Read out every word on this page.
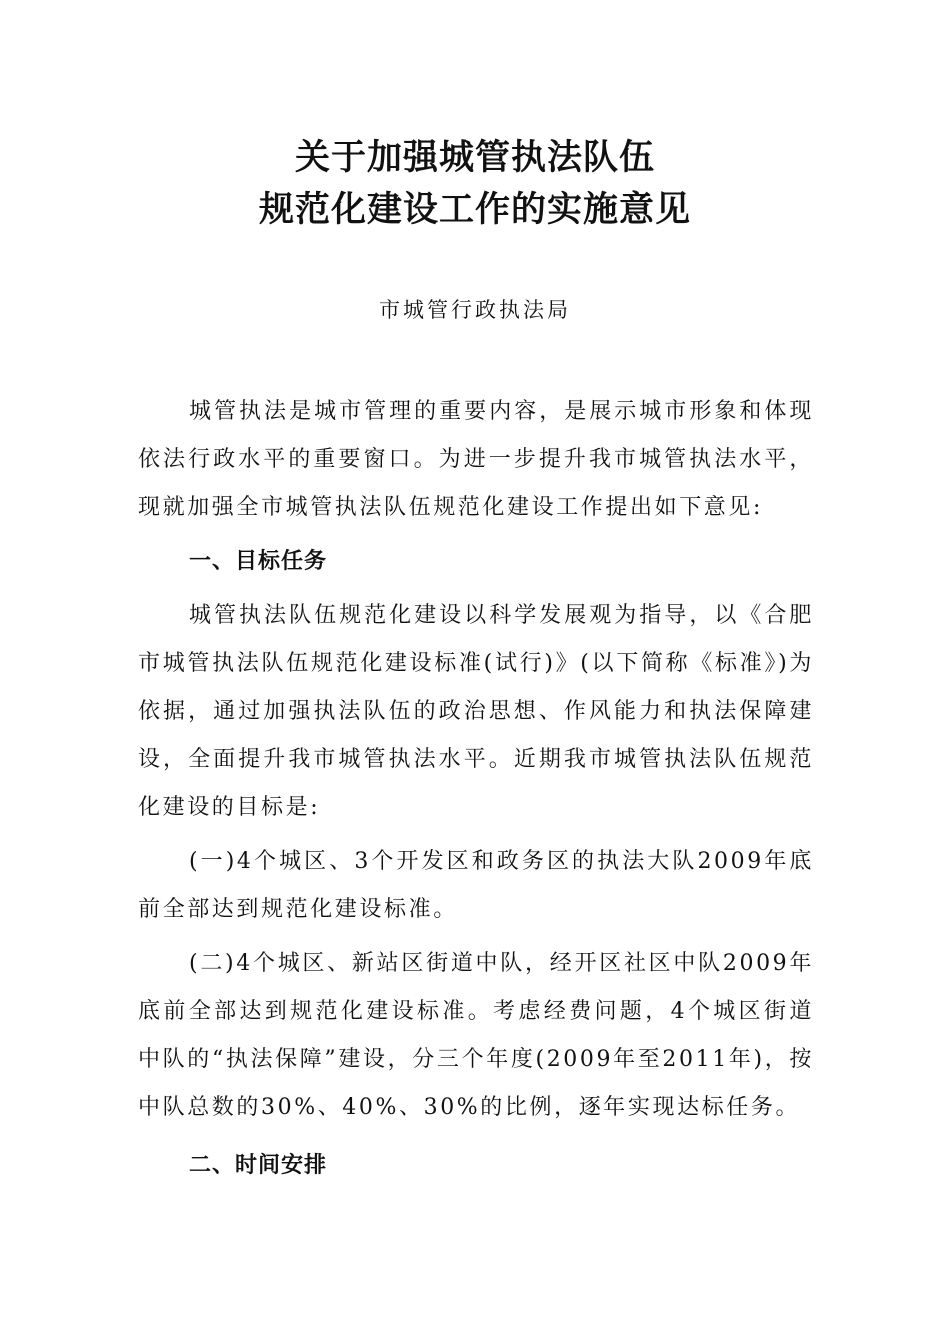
关于加强城管执法队伍
规范化建设工作的实施意见
市城管行政执法局

城管执法是城市管理的重要内容，是展示城市形象和体现依法行政水平的重要窗口。为进一步提升我市城管执法水平，现就加强全市城管执法队伍规范化建设工作提出如下意见:

一、目标任务

城管执法队伍规范化建设以科学发展观为指导，以《合肥市城管执法队伍规范化建设标准(试行)》(以下简称《标准》)为依据，通过加强执法队伍的政治思想、作风能力和执法保障建设，全面提升我市城管执法水平。近期我市城管执法队伍规范化建设的目标是:

(一)4个城区、3个开发区和政务区的执法大队2009年底前全部达到规范化建设标准。

(二)4个城区、新站区街道中队，经开区社区中队2009年底前全部达到规范化建设标准。考虑经费问题，4个城区街道中队的“执法保障”建设，分三个年度(2009年至2011年)，按中队总数的30%、40%、30%的比例，逐年实现达标任务。

二、时间安排
